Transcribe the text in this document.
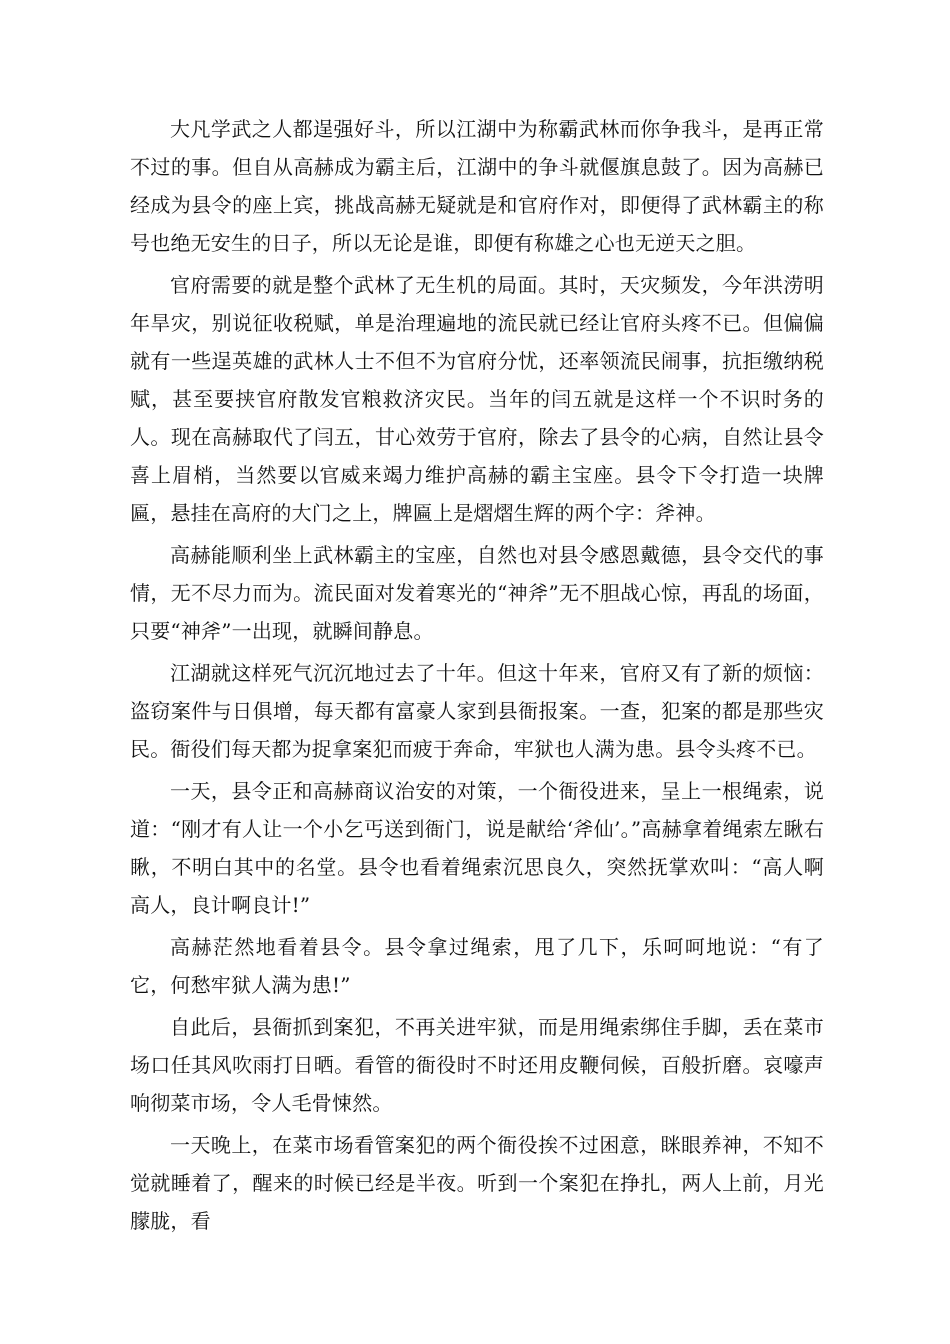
大凡学武之人都逞强好斗，所以江湖中为称霸武林而你争我斗，是再正常不过的事。但自从高赫成为霸主后，江湖中的争斗就偃旗息鼓了。因为高赫已经成为县令的座上宾，挑战高赫无疑就是和官府作对，即便得了武林霸主的称号也绝无安生的日子，所以无论是谁，即便有称雄之心也无逆天之胆。

官府需要的就是整个武林了无生机的局面。其时，天灾频发，今年洪涝明年旱灾，别说征收税赋，单是治理遍地的流民就已经让官府头疼不已。但偏偏就有一些逞英雄的武林人士不但不为官府分忧，还率领流民闹事，抗拒缴纳税赋，甚至要挟官府散发官粮救济灾民。当年的闫五就是这样一个不识时务的人。现在高赫取代了闫五，甘心效劳于官府，除去了县令的心病，自然让县令喜上眉梢，当然要以官威来竭力维护高赫的霸主宝座。县令下令打造一块牌匾，悬挂在高府的大门之上，牌匾上是熠熠生辉的两个字：斧神。

高赫能顺利坐上武林霸主的宝座，自然也对县令感恩戴德，县令交代的事情，无不尽力而为。流民面对发着寒光的“神斧”无不胆战心惊，再乱的场面，只要“神斧”一出现，就瞬间静息。

江湖就这样死气沉沉地过去了十年。但这十年来，官府又有了新的烦恼：盗窃案件与日俱增，每天都有富豪人家到县衙报案。一查，犯案的都是那些灾民。衙役们每天都为捉拿案犯而疲于奔命，牢狱也人满为患。县令头疼不已。

一天，县令正和高赫商议治安的对策，一个衙役进来，呈上一根绳索，说道：“刚才有人让一个小乞丐送到衙门，说是献给‘斧仙’。”高赫拿着绳索左瞅右瞅，不明白其中的名堂。县令也看着绳索沉思良久，突然抚掌欢叫：“高人啊高人，良计啊良计!”

高赫茫然地看着县令。县令拿过绳索，甩了几下，乐呵呵地说：“有了它，何愁牢狱人满为患!”

自此后，县衙抓到案犯，不再关进牢狱，而是用绳索绑住手脚，丢在菜市场口任其风吹雨打日晒。看管的衙役时不时还用皮鞭伺候，百般折磨。哀嚎声响彻菜市场，令人毛骨悚然。

一天晚上，在菜市场看管案犯的两个衙役挨不过困意，眯眼养神，不知不觉就睡着了，醒来的时候已经是半夜。听到一个案犯在挣扎，两人上前，月光朦胧，看
